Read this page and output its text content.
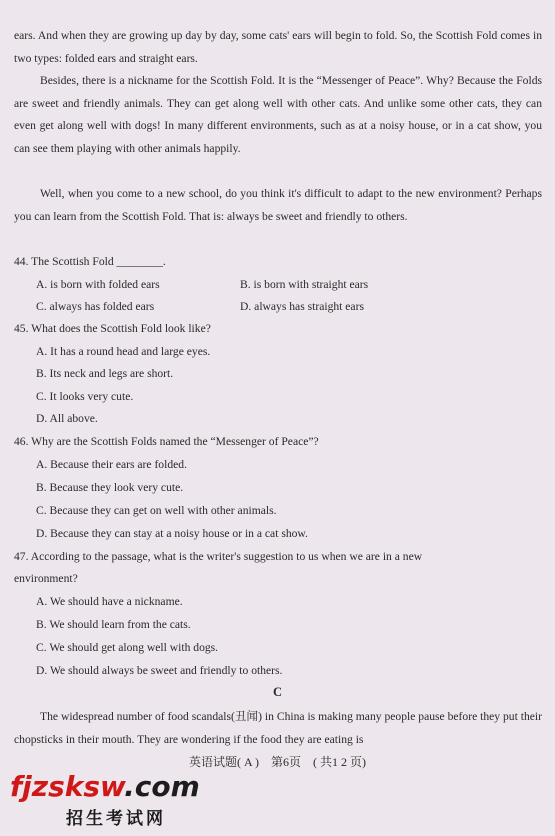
ears. And when they are growing up day by day, some cats' ears will begin to fold. So, the Scottish Fold comes in two types: folded ears and straight ears.

Besides, there is a nickname for the Scottish Fold. It is the “Messenger of Peace”. Why? Because the Folds are sweet and friendly animals. They can get along well with other cats. And unlike some other cats, they can even get along well with dogs! In many different environments, such as at a noisy house, or in a cat show, you can see them playing with other animals happily.

Well, when you come to a new school, do you think it's difficult to adapt to the new environment? Perhaps you can learn from the Scottish Fold. That is: always be sweet and friendly to others.

44. The Scottish Fold ________.
A. is born with folded ears	B. is born with straight ears
C. always has folded ears	D. always has straight ears
45. What does the Scottish Fold look like?
A. It has a round head and large eyes.
B. Its neck and legs are short.
C. It looks very cute.
D. All above.
46. Why are the Scottish Folds named the “Messenger of Peace”?
A. Because their ears are folded.
B. Because they look very cute.
C. Because they can get on well with other animals.
D. Because they can stay at a noisy house or in a cat show.
47. According to the passage, what is the writer's suggestion to us when we are in a new
environment?
A. We should have a nickname.
B. We should learn from the cats.
C. We should get along well with dogs.
D. We should always be sweet and friendly to others.
C

The widespread number of food scandals(丑闻) in China is making many people pause before they put their chopsticks in their mouth. They are wondering if the food they are eating is

英语试题( A )　第6页　( 共1 2 页)
fjzsksw.com
招生考试网
